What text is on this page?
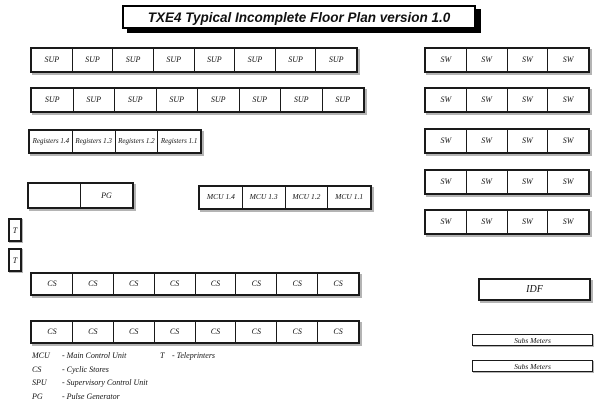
TXE4 Typical Incomplete Floor Plan version 1.0
SUP	SUP	SUP	SUP	SUP	SUP	SUP	SUP
SUP	SUP	SUP	SUP	SUP	SUP	SUP	SUP
Registers 1.4 Registers 1.3 Registers 1.2 Registers 1.1
PG	MCU 1.4	MCU 1.3	MCU 1.2	MCU 1.1
T
T
CS	CS	CS	CS	CS	CS	CS	CS
CS	CS	CS	CS	CS	CS	CS	CS
SW	SW	SW	SW
SW	SW	SW	SW
SW	SW	SW	SW
SW	SW	SW	SW
SW	SW	SW	SW
IDF
Subs Meters
Subs Meters
MCU	- Main Control Unit
CS	- Cyclic Stores
SPU	- Supervisory Control Unit
PG	- Pulse Generator
T - Teleprinters
